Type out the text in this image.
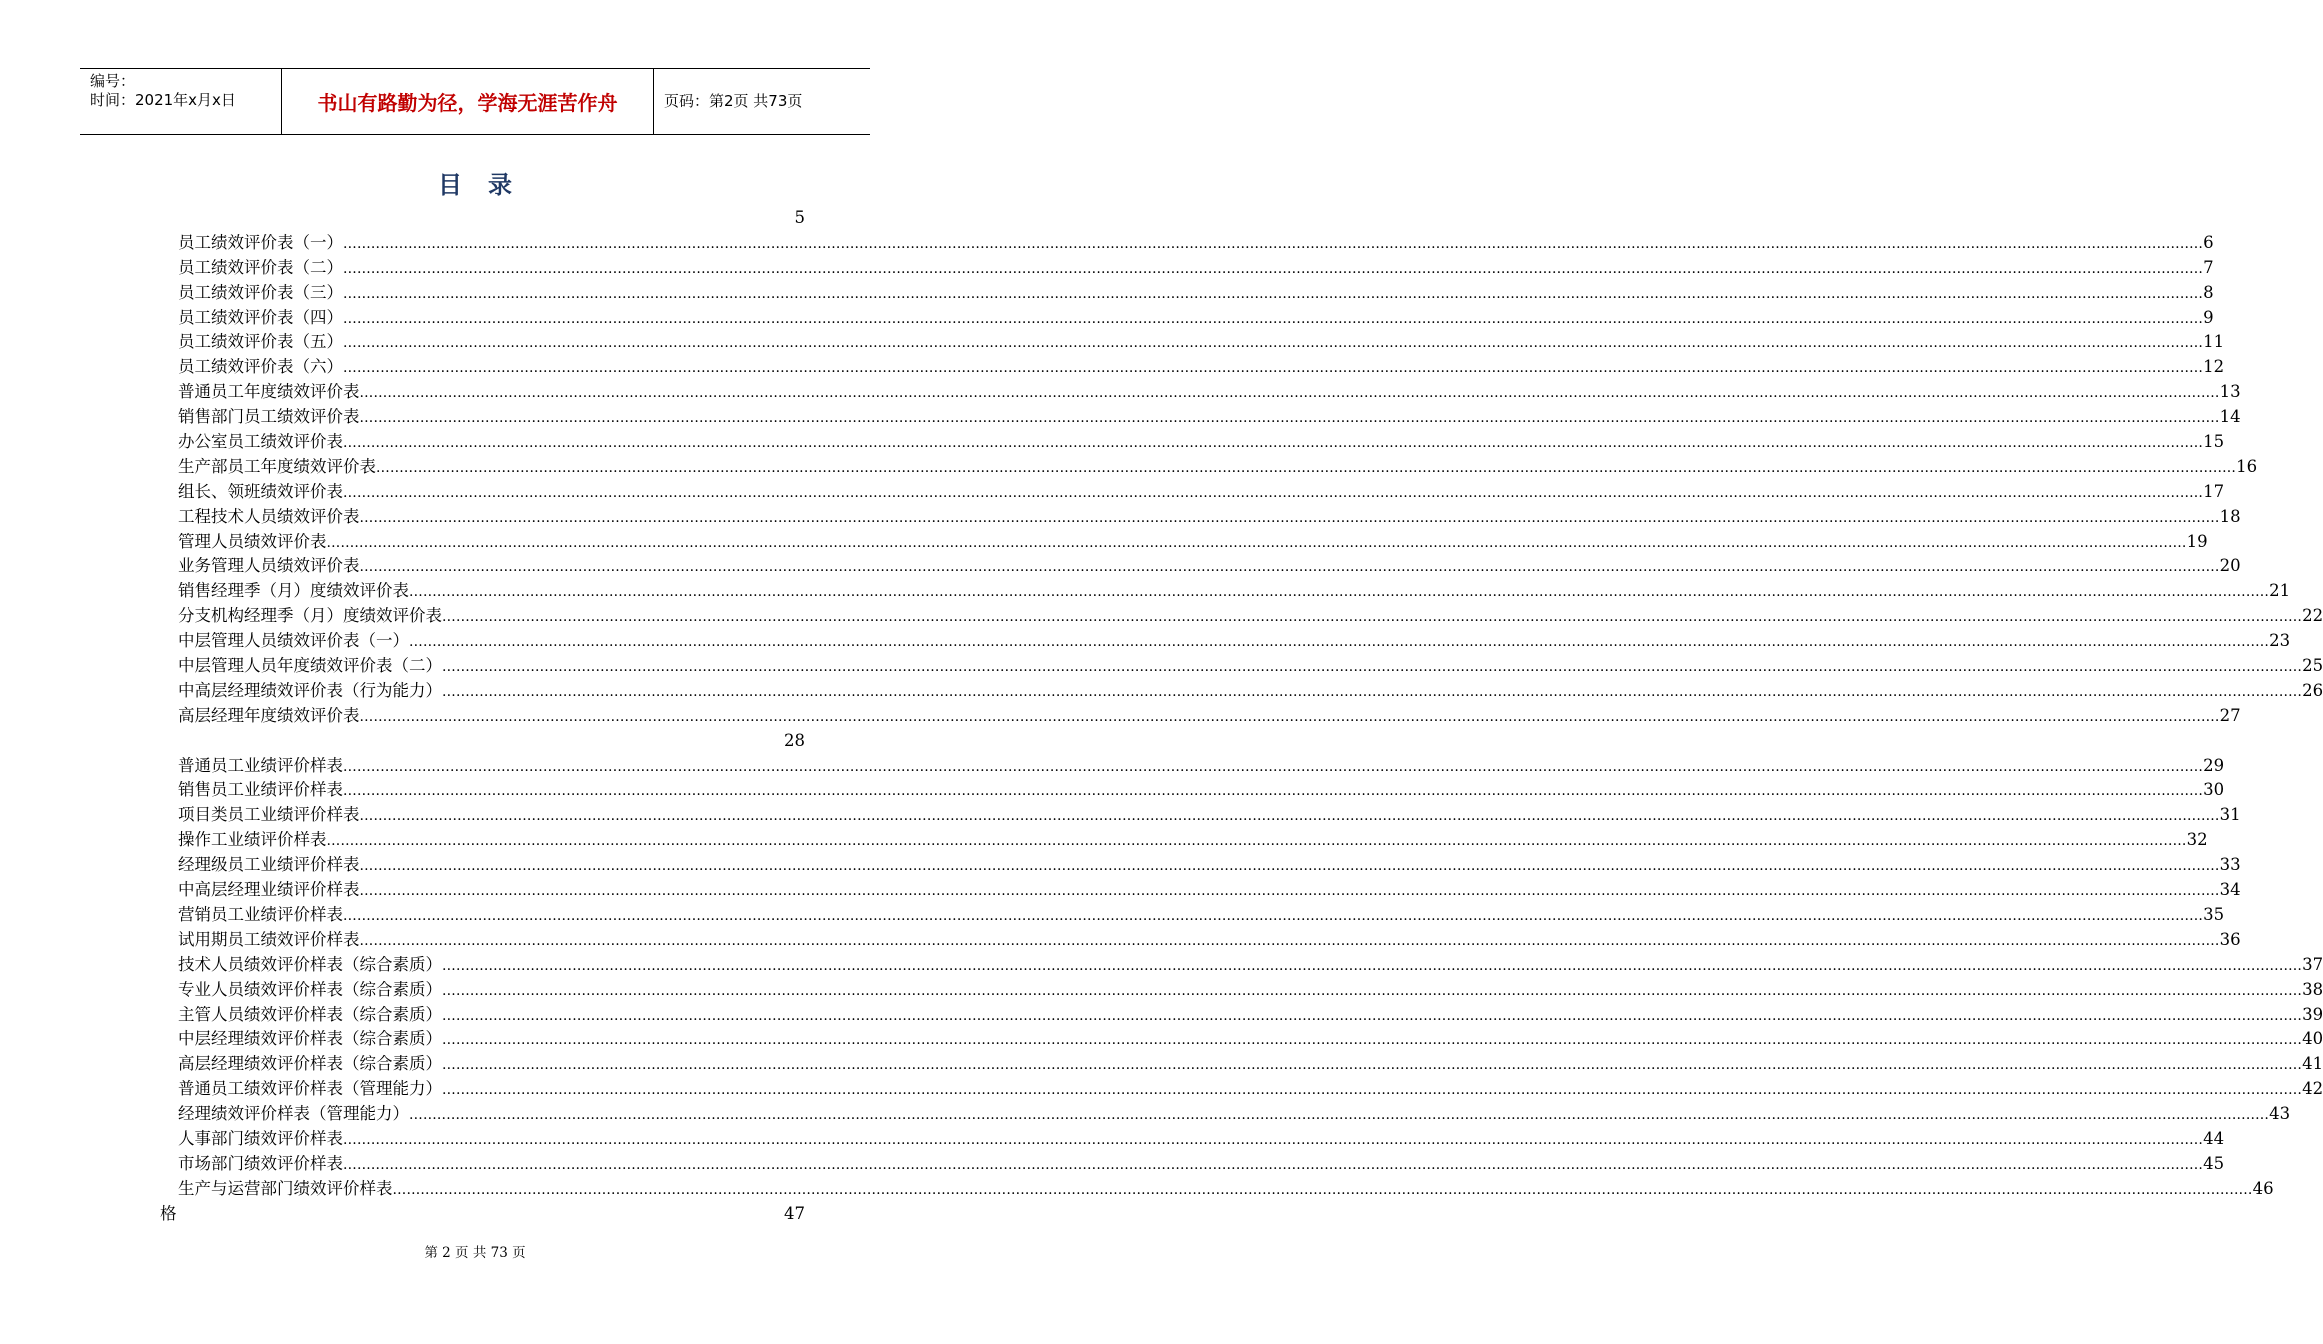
编号：
时间：2021年x月x日	书山有路勤为径，学海无涯苦作舟	页码：第2页 共73页
目录
5
员工绩效评价表（一） ................................................................................................................................................................................................................................................................................................................................................................................................................ 6
员工绩效评价表（二） ................................................................................................................................................................................................................................................................................................................................................................................................................ 7
员工绩效评价表（三） ................................................................................................................................................................................................................................................................................................................................................................................................................ 8
员工绩效评价表（四） ................................................................................................................................................................................................................................................................................................................................................................................................................ 9
员工绩效评价表（五） ................................................................................................................................................................................................................................................................................................................................................................................................................ 11
员工绩效评价表（六） ................................................................................................................................................................................................................................................................................................................................................................................................................ 12
普通员工年度绩效评价表 ................................................................................................................................................................................................................................................................................................................................................................................................................ 13
销售部门员工绩效评价表 ................................................................................................................................................................................................................................................................................................................................................................................................................ 14
办公室员工绩效评价表 ................................................................................................................................................................................................................................................................................................................................................................................................................ 15
生产部员工年度绩效评价表 ................................................................................................................................................................................................................................................................................................................................................................................................................ 16
组长、领班绩效评价表 ................................................................................................................................................................................................................................................................................................................................................................................................................ 17
工程技术人员绩效评价表 ................................................................................................................................................................................................................................................................................................................................................................................................................ 18
管理人员绩效评价表 ................................................................................................................................................................................................................................................................................................................................................................................................................ 19
业务管理人员绩效评价表 ................................................................................................................................................................................................................................................................................................................................................................................................................ 20
销售经理季（月）度绩效评价表 ................................................................................................................................................................................................................................................................................................................................................................................................................ 21
分支机构经理季（月）度绩效评价表 ................................................................................................................................................................................................................................................................................................................................................................................................................ 22
中层管理人员绩效评价表（一） ................................................................................................................................................................................................................................................................................................................................................................................................................ 23
中层管理人员年度绩效评价表（二） ................................................................................................................................................................................................................................................................................................................................................................................................................ 25
中高层经理绩效评价表（行为能力） ................................................................................................................................................................................................................................................................................................................................................................................................................ 26
高层经理年度绩效评价表 ................................................................................................................................................................................................................................................................................................................................................................................................................ 27
28
普通员工业绩评价样表 ................................................................................................................................................................................................................................................................................................................................................................................................................ 29
销售员工业绩评价样表 ................................................................................................................................................................................................................................................................................................................................................................................................................ 30
项目类员工业绩评价样表 ................................................................................................................................................................................................................................................................................................................................................................................................................ 31
操作工业绩评价样表 ................................................................................................................................................................................................................................................................................................................................................................................................................ 32
经理级员工业绩评价样表 ................................................................................................................................................................................................................................................................................................................................................................................................................ 33
中高层经理业绩评价样表 ................................................................................................................................................................................................................................................................................................................................................................................................................ 34
营销员工业绩评价样表 ................................................................................................................................................................................................................................................................................................................................................................................................................ 35
试用期员工绩效评价样表 ................................................................................................................................................................................................................................................................................................................................................................................................................ 36
技术人员绩效评价样表（综合素质） ................................................................................................................................................................................................................................................................................................................................................................................................................ 37
专业人员绩效评价样表（综合素质） ................................................................................................................................................................................................................................................................................................................................................................................................................ 38
主管人员绩效评价样表（综合素质） ................................................................................................................................................................................................................................................................................................................................................................................................................ 39
中层经理绩效评价样表（综合素质） ................................................................................................................................................................................................................................................................................................................................................................................................................ 40
高层经理绩效评价样表（综合素质） ................................................................................................................................................................................................................................................................................................................................................................................................................ 41
普通员工绩效评价样表（管理能力） ................................................................................................................................................................................................................................................................................................................................................................................................................ 42
经理绩效评价样表（管理能力） ................................................................................................................................................................................................................................................................................................................................................................................................................ 43
人事部门绩效评价样表 ................................................................................................................................................................................................................................................................................................................................................................................................................ 44
市场部门绩效评价样表 ................................................................................................................................................................................................................................................................................................................................................................................................................ 45
生产与运营部门绩效评价样表 ................................................................................................................................................................................................................................................................................................................................................................................................................ 46
格	47
第 2 页 共 73 页
